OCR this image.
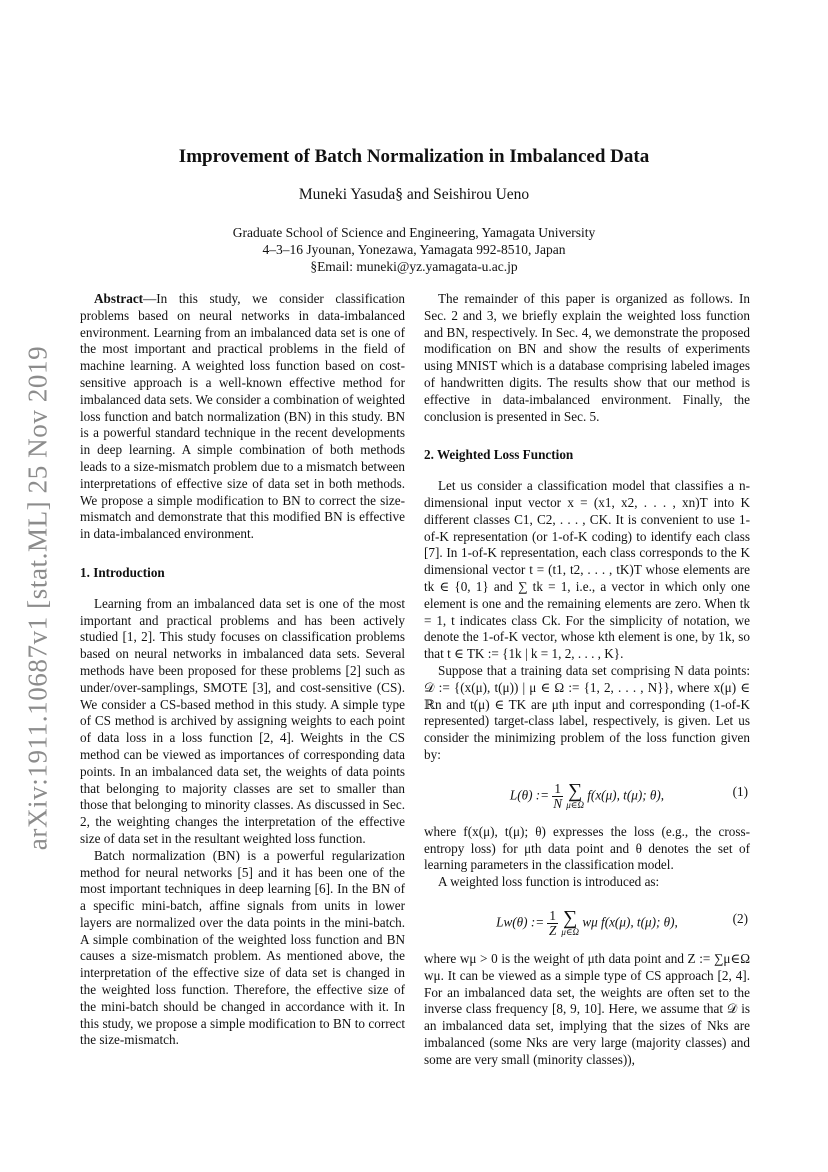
arXiv:1911.10687v1 [stat.ML] 25 Nov 2019
Improvement of Batch Normalization in Imbalanced Data
Muneki Yasuda§ and Seishirou Ueno
Graduate School of Science and Engineering, Yamagata University
4–3–16 Jyounan, Yonezawa, Yamagata 992-8510, Japan
§Email: muneki@yz.yamagata-u.ac.jp

Abstract—In this study, we consider classification problems based on neural networks in data-imbalanced environment. Learning from an imbalanced data set is one of the most important and practical problems in the field of machine learning. A weighted loss function based on cost-sensitive approach is a well-known effective method for imbalanced data sets. We consider a combination of weighted loss function and batch normalization (BN) in this study. BN is a powerful standard technique in the recent developments in deep learning. A simple combination of both methods leads to a size-mismatch problem due to a mismatch between interpretations of effective size of data set in both methods. We propose a simple modification to BN to correct the size-mismatch and demonstrate that this modified BN is effective in data-imbalanced environment.

1. Introduction

Learning from an imbalanced data set is one of the most important and practical problems and has been actively studied [1, 2]. This study focuses on classification problems based on neural networks in imbalanced data sets. Several methods have been proposed for these problems [2] such as under/over-samplings, SMOTE [3], and cost-sensitive (CS). We consider a CS-based method in this study. A simple type of CS method is archived by assigning weights to each point of data loss in a loss function [2, 4]. Weights in the CS method can be viewed as importances of corresponding data points. In an imbalanced data set, the weights of data points that belonging to majority classes are set to smaller than those that belonging to minority classes. As discussed in Sec. 2, the weighting changes the interpretation of the effective size of data set in the resultant weighted loss function.

Batch normalization (BN) is a powerful regularization method for neural networks [5] and it has been one of the most important techniques in deep learning [6]. In the BN of a specific mini-batch, affine signals from units in lower layers are normalized over the data points in the mini-batch. A simple combination of the weighted loss function and BN causes a size-mismatch problem. As mentioned above, the interpretation of the effective size of data set is changed in the weighted loss function. Therefore, the effective size of the mini-batch should be changed in accordance with it. In this study, we propose a simple modification to BN to correct the size-mismatch.

The remainder of this paper is organized as follows. In Sec. 2 and 3, we briefly explain the weighted loss function and BN, respectively. In Sec. 4, we demonstrate the proposed modification on BN and show the results of experiments using MNIST which is a database comprising labeled images of handwritten digits. The results show that our method is effective in data-imbalanced environment. Finally, the conclusion is presented in Sec. 5.

2. Weighted Loss Function

Let us consider a classification model that classifies a n-dimensional input vector x = (x1, x2, . . . , xn)T into K different classes C1, C2, . . . , CK. It is convenient to use 1-of-K representation (or 1-of-K coding) to identify each class [7]. In 1-of-K representation, each class corresponds to the K dimensional vector t = (t1, t2, . . . , tK)T whose elements are tk ∈ {0, 1} and ∑ tk = 1, i.e., a vector in which only one element is one and the remaining elements are zero. When tk = 1, t indicates class Ck. For the simplicity of notation, we denote the 1-of-K vector, whose kth element is one, by 1k, so that t ∈ TK := {1k | k = 1, 2, . . . , K}.

Suppose that a training data set comprising N data points: 𝒟 := {(x(μ), t(μ)) | μ ∈ Ω := {1, 2, . . . , N}}, where x(μ) ∈ ℝn and t(μ) ∈ TK are μth input and corresponding (1-of-K represented) target-class label, respectively, is given. Let us consider the minimizing problem of the loss function given by:

L(θ) := $\frac{1}{N}$ ∑
μ∈Ω
f(x(μ), t(μ); θ),	(1)

where f(x(μ), t(μ); θ) expresses the loss (e.g., the cross-entropy loss) for μth data point and θ denotes the set of learning parameters in the classification model.

A weighted loss function is introduced as:

Lw(θ) := $\frac{1}{Z}$ ∑
μ∈Ω
wμ f(x(μ), t(μ); θ),	(2)

where wμ > 0 is the weight of μth data point and Z := ∑μ∈Ω wμ. It can be viewed as a simple type of CS approach [2, 4]. For an imbalanced data set, the weights are often set to the inverse class frequency [8, 9, 10]. Here, we assume that 𝒟 is an imbalanced data set, implying that the sizes of Nks are imbalanced (some Nks are very large (majority classes) and some are very small (minority classes)),
